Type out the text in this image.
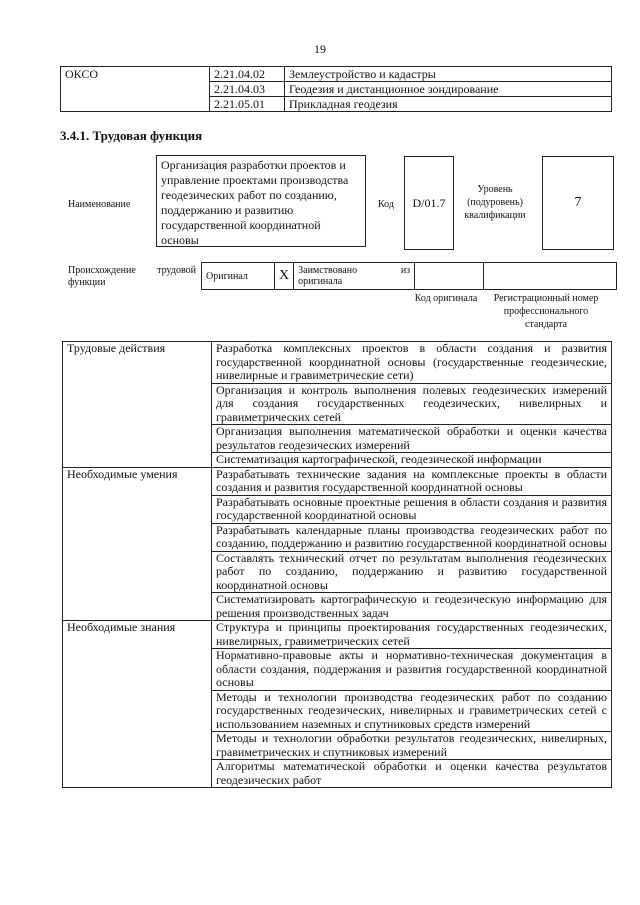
19
ОКСО	2.21.04.02	Землеустройство и кадастры
	2.21.04.03	Геодезия и дистанционное зондирование
	2.21.05.01	Прикладная геодезия
3.4.1. Трудовая функция
Наименование
Организация разработки проектов и управление проектами производства геодезических работ по созданию, поддержанию и развитию государственной координатной основы
Код	D/01.7
Уровень (подуровень) квалификации
7
Происхождение трудовой
функции
Оригинал	X	Заимствовано	из
оригинала

Код оригинала	Регистрационный номер профессионального стандарта
Трудовые действия	Разработка комплексных проектов в области создания и развития государственной координатной основы (государственные геодезические, нивелирные и гравиметрические сети)
	Организация и контроль выполнения полевых геодезических измерений для создания государственных геодезических, нивелирных и гравиметрических сетей
	Организация выполнения математической обработки и оценки качества результатов геодезических измерений
	Систематизация картографической, геодезической информации
Необходимые умения	Разрабатывать технические задания на комплексные проекты в области создания и развития государственной координатной основы
	Разрабатывать основные проектные решения в области создания и развития государственной координатной основы
	Разрабатывать календарные планы производства геодезических работ по созданию, поддержанию и развитию государственной координатной основы
	Составлять технический отчет по результатам выполнения геодезических работ по созданию, поддержанию и развитию государственной координатной основы
	Систематизировать картографическую и геодезическую информацию для решения производственных задач
Необходимые знания	Структура и принципы проектирования государственных геодезических, нивелирных, гравиметрических сетей
	Нормативно-правовые акты и нормативно-техническая документация в области создания, поддержания и развития государственной координатной основы
	Методы и технологии производства геодезических работ по созданию государственных геодезических, нивелирных и гравиметрических сетей с использованием наземных и спутниковых средств измерений
	Методы и технологии обработки результатов геодезических, нивелирных, гравиметрических и спутниковых измерений
	Алгоритмы математической обработки и оценки качества результатов геодезических работ
